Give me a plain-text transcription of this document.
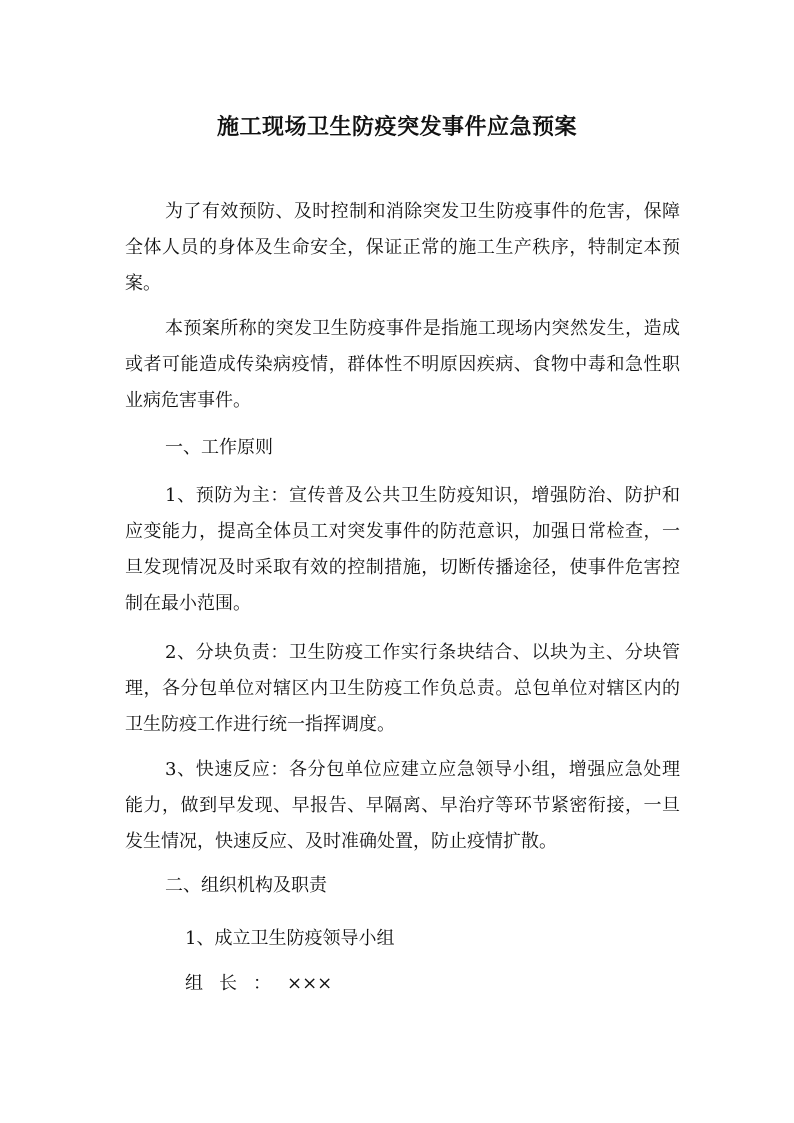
施工现场卫生防疫突发事件应急预案

为了有效预防、及时控制和消除突发卫生防疫事件的危害，保障全体人员的身体及生命安全，保证正常的施工生产秩序，特制定本预案。

本预案所称的突发卫生防疫事件是指施工现场内突然发生，造成或者可能造成传染病疫情，群体性不明原因疾病、食物中毒和急性职业病危害事件。

一、工作原则

1、预防为主：宣传普及公共卫生防疫知识，增强防治、防护和应变能力，提高全体员工对突发事件的防范意识，加强日常检查，一旦发现情况及时采取有效的控制措施，切断传播途径，使事件危害控制在最小范围。

2、分块负责：卫生防疫工作实行条块结合、以块为主、分块管理，各分包单位对辖区内卫生防疫工作负总责。总包单位对辖区内的卫生防疫工作进行统一指挥调度。

3、快速反应：各分包单位应建立应急领导小组，增强应急处理能力，做到早发现、早报告、早隔离、早治疗等环节紧密衔接，一旦发生情况，快速反应、及时准确处置，防止疫情扩散。

二、组织机构及职责

1、成立卫生防疫领导小组

组长：×××
